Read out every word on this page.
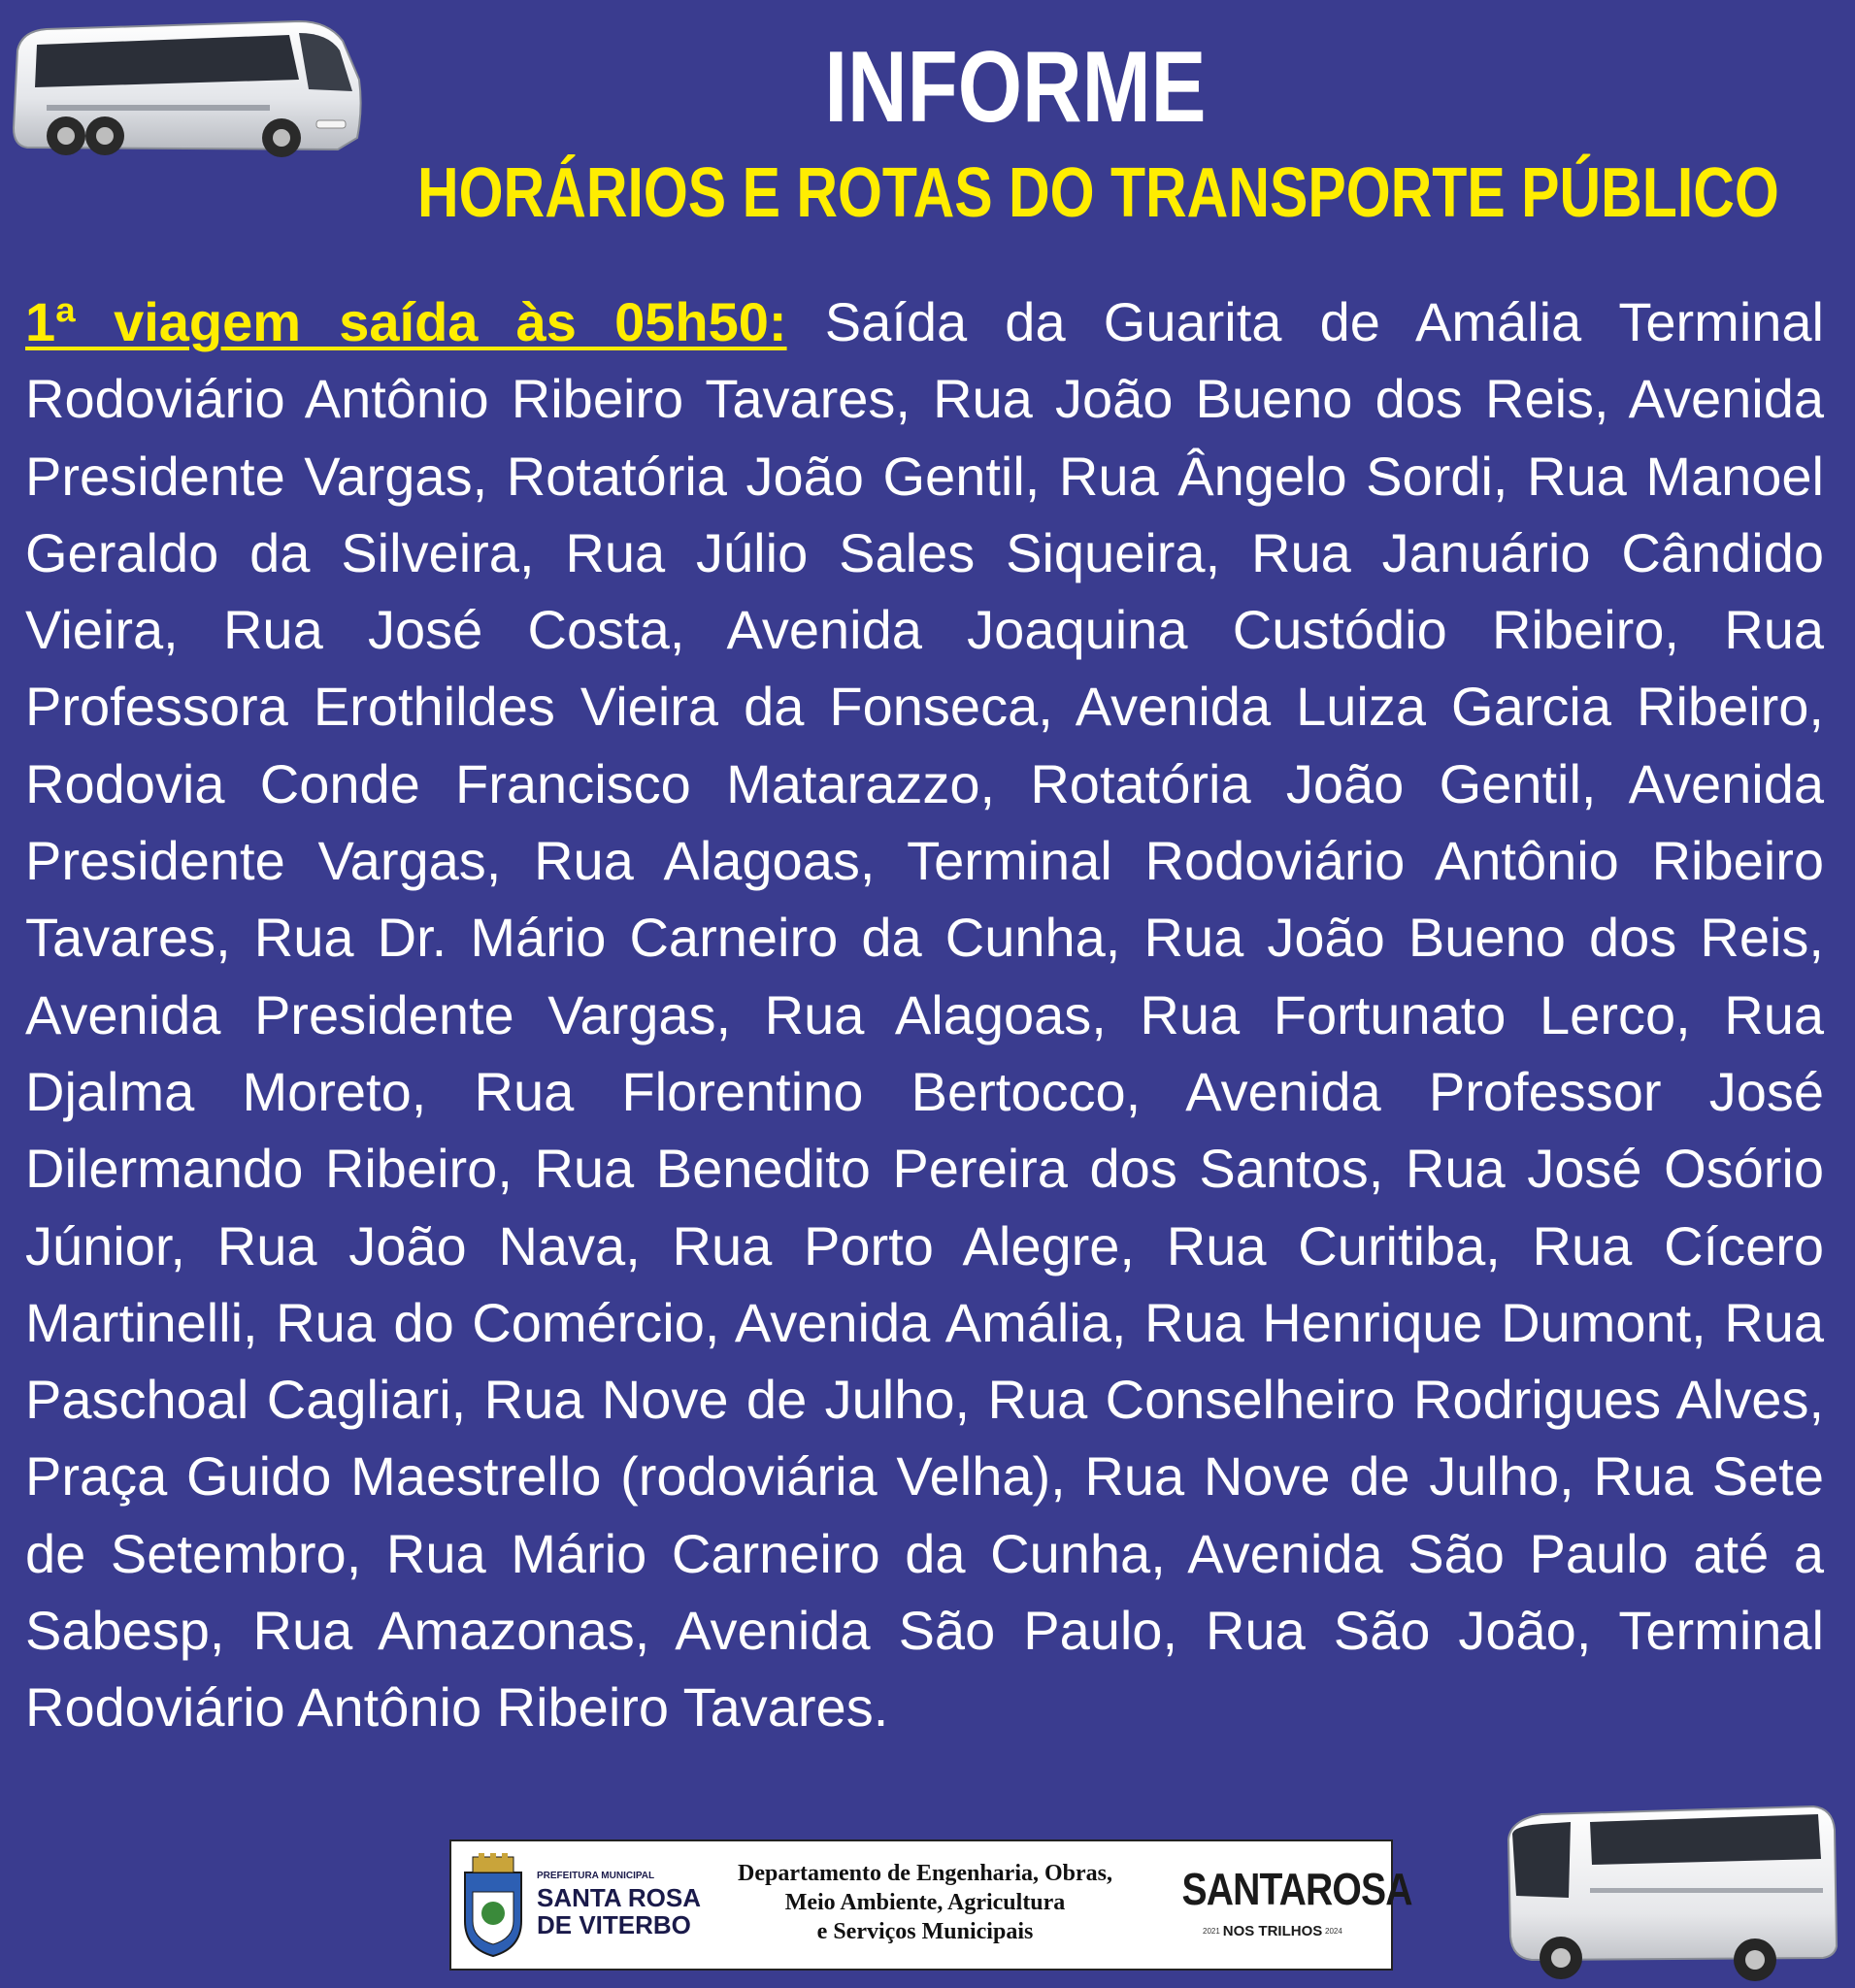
INFORME
HORÁRIOS E ROTAS DO TRANSPORTE PÚBLICO

1ª viagem saída às 05h50: Saída da Guarita de Amália Terminal Rodoviário Antônio Ribeiro Tavares, Rua João Bueno dos Reis, Avenida Presidente Vargas, Rotatória João Gentil, Rua Ângelo Sordi, Rua Manoel Geraldo da Silveira, Rua Júlio Sales Siqueira, Rua Januário Cândido Vieira, Rua José Costa, Avenida Joaquina Custódio Ribeiro, Rua Professora Erothildes Vieira da Fonseca, Avenida Luiza Garcia Ribeiro, Rodovia Conde Francisco Matarazzo, Rotatória João Gentil, Avenida Presidente Vargas, Rua Alagoas, Terminal Rodoviário Antônio Ribeiro Tavares, Rua Dr. Mário Carneiro da Cunha, Rua João Bueno dos Reis, Avenida Presidente Vargas, Rua Alagoas, Rua Fortunato Lerco, Rua Djalma Moreto, Rua Florentino Bertocco, Avenida Professor José Dilermando Ribeiro, Rua Benedito Pereira dos Santos, Rua José Osório Júnior, Rua João Nava, Rua Porto Alegre, Rua Curitiba, Rua Cícero Martinelli, Rua do Comércio, Avenida Amália, Rua Henrique Dumont, Rua Paschoal Cagliari, Rua Nove de Julho, Rua Conselheiro Rodrigues Alves, Praça Guido Maestrello (rodoviária Velha), Rua Nove de Julho, Rua Sete de Setembro, Rua Mário Carneiro da Cunha, Avenida São Paulo até a Sabesp, Rua Amazonas, Avenida São Paulo, Rua São João, Terminal Rodoviário Antônio Ribeiro Tavares.

PREFEITURA MUNICIPAL
SANTA ROSA
DE VITERBO
Departamento de Engenharia, Obras,
Meio Ambiente, Agricultura
e Serviços Municipais
SANTAROSA
2021 NOS TRILHOS 2024
